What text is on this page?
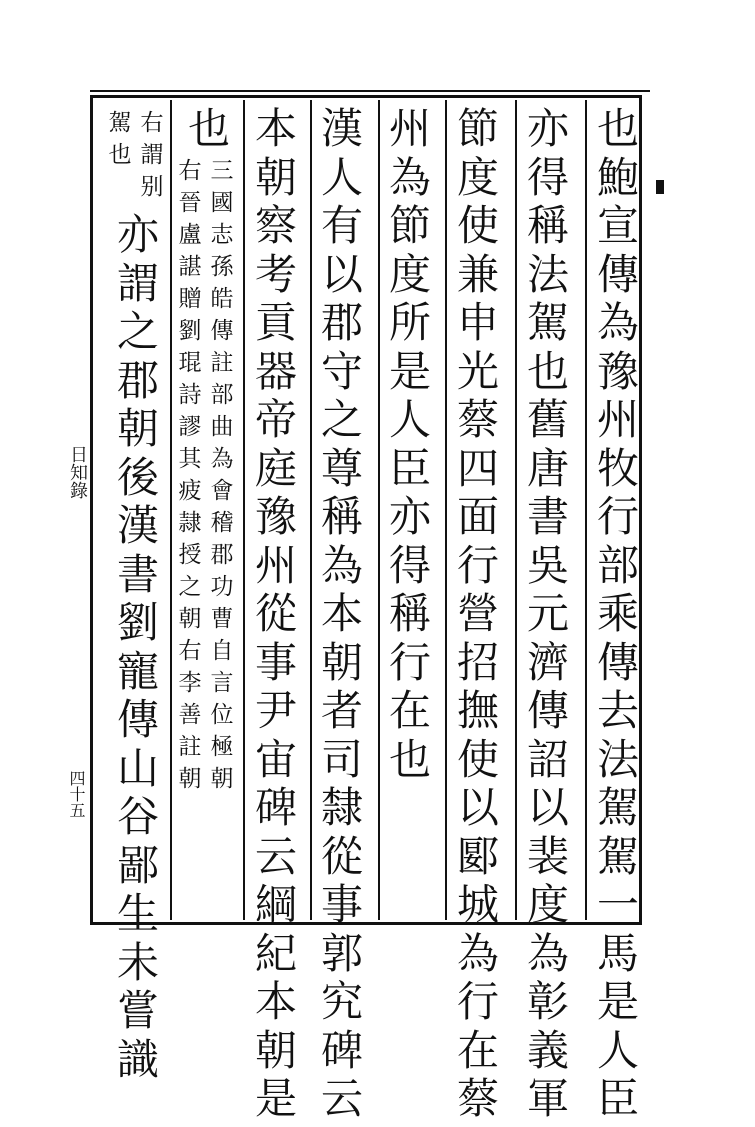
日知錄
四十五
也
鮑
宣
傳
為
豫
州
牧
行
部
乘
傳
去
法
駕
駕
一
馬
是
人
臣
亦
得
稱
法
駕
也
舊
唐
書
吳
元
濟
傳
詔
以
裴
度
為
彰
義
軍
節
度
使
兼
申
光
蔡
四
面
行
營
招
撫
使
以
郾
城
為
行
在
蔡
州
為
節
度
所
是
人
臣
亦
得
稱
行
在
也
漢
人
有
以
郡
守
之
尊
稱
為
本
朝
者
司
隸
從
事
郭
究
碑
云
本
朝
察
考
貢
器
帝
庭
豫
州
從
事
尹
宙
碑
云
綱
紀
本
朝
是
也
三
國
志
孫
皓
傳
註
部
曲
為
會
稽
郡
功
曹
自
言
位
極
朝
右
晉
盧
諶
贈
劉
琨
詩
謬
其
疲
隷
授
之
朝
右
李
善
註
朝
右
謂
别
駕
也
亦
謂
之
郡
朝
後
漢
書
劉
寵
傳
山
谷
鄙
生
未
嘗
識
